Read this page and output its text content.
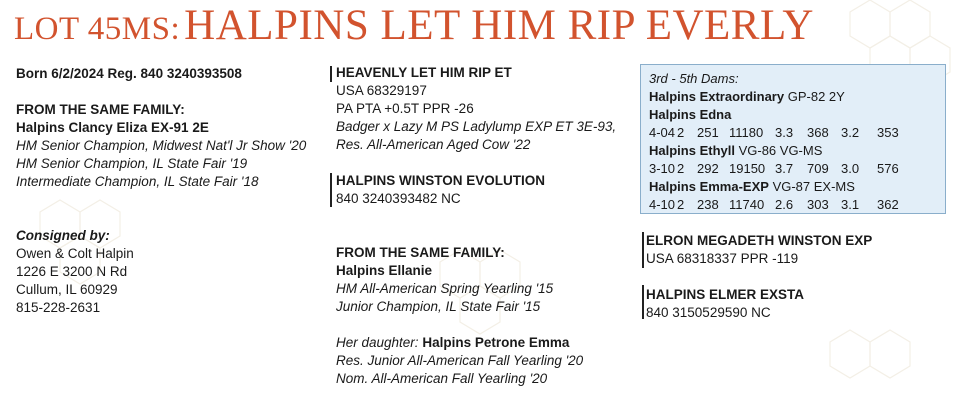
LOT 45MS: HALPINS LET HIM RIP EVERLY
Born 6/2/2024 Reg. 840 3240393508
FROM THE SAME FAMILY:
Halpins Clancy Eliza EX-91 2E
HM Senior Champion, Midwest Nat'l Jr Show '20
HM Senior Champion, IL State Fair '19
Intermediate Champion, IL State Fair '18
Consigned by:
Owen & Colt Halpin
1226 E 3200 N Rd
Cullum, IL 60929
815-228-2631
HEAVENLY LET HIM RIP ET
USA 68329197
PA PTA +0.5T PPR -26
Badger x Lazy M PS Ladylump EXP ET 3E-93,
Res. All-American Aged Cow '22
HALPINS WINSTON EVOLUTION
840 3240393482 NC
FROM THE SAME FAMILY:
Halpins Ellanie
HM All-American Spring Yearling '15
Junior Champion, IL State Fair '15
Her daughter: Halpins Petrone Emma
Res. Junior All-American Fall Yearling '20
Nom. All-American Fall Yearling '20
3rd - 5th Dams:
Halpins Extraordinary GP-82 2Y
Halpins Edna
4-04 2 251 11180 3.3 368 3.2 353
Halpins Ethyll VG-86 VG-MS
3-10 2 292 19150 3.7 709 3.0 576
Halpins Emma-EXP VG-87 EX-MS
4-10 2 238 11740 2.6 303 3.1 362
ELRON MEGADETH WINSTON EXP
USA 68318337 PPR -119
HALPINS ELMER EXSTA
840 3150529590 NC
